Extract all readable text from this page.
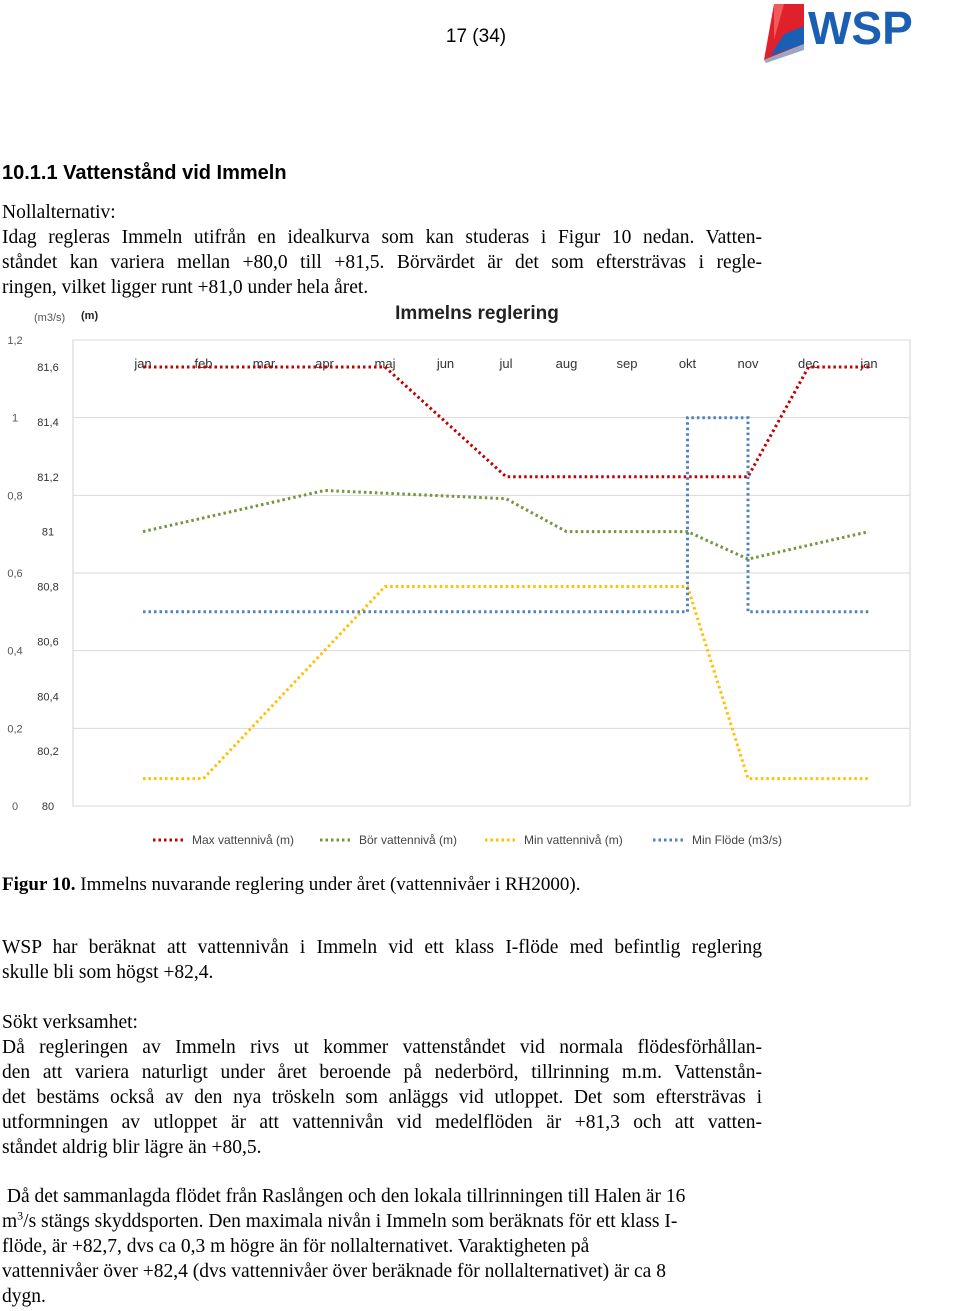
17 (34)	WSP
10.1.1 Vattenstånd vid Immeln
Nollalternativ:
Idag regleras Immeln utifrån en idealkurva som kan studeras i Figur 10 nedan. Vatten-
ståndet kan variera mellan +80,0 till +81,5. Börvärdet är det som eftersträvas i regle-
ringen, vilket ligger runt +81,0 under hela året.
Immelns reglering
(m3/s) (m)
0
0,2
0,4
0,6
0,8
1
1,2
80
80,2
80,4
80,6
80,8
81
81,2
81,4
81,6	jan	feb	mar	apr	maj	jun	jul	aug	sep	okt	nov	dec	jan
Max vattennivå (m)	Bör vattennivå (m)	Min vattennivå (m)	Min Flöde (m3/s)
Figur 10. Immelns nuvarande reglering under året (vattennivåer i RH2000).
WSP har beräknat att vattennivån i Immeln vid ett klass I-flöde med befintlig reglering
skulle bli som högst +82,4.
Sökt verksamhet:
Då regleringen av Immeln rivs ut kommer vattenståndet vid normala flödesförhållan-
den att variera naturligt under året beroende på nederbörd, tillrinning m.m. Vattenstån-
det bestäms också av den nya tröskeln som anläggs vid utloppet. Det som eftersträvas i
utformningen av utloppet är att vattennivån vid medelflöden är +81,3 och att vatten-
ståndet aldrig blir lägre än +80,5.
Då det sammanlagda flödet från Raslången och den lokala tillrinningen till Halen är 16
$m^3/s$ stängs skyddsporten. Den maximala nivån i Immeln som beräknats för ett klass I-
flöde, är +82,7, dvs ca 0,3 m högre än för nollalternativet. Varaktigheten på
vattennivåer över +82,4 (dvs vattennivåer över beräknade för nollalternativet) är ca 8
dygn.
